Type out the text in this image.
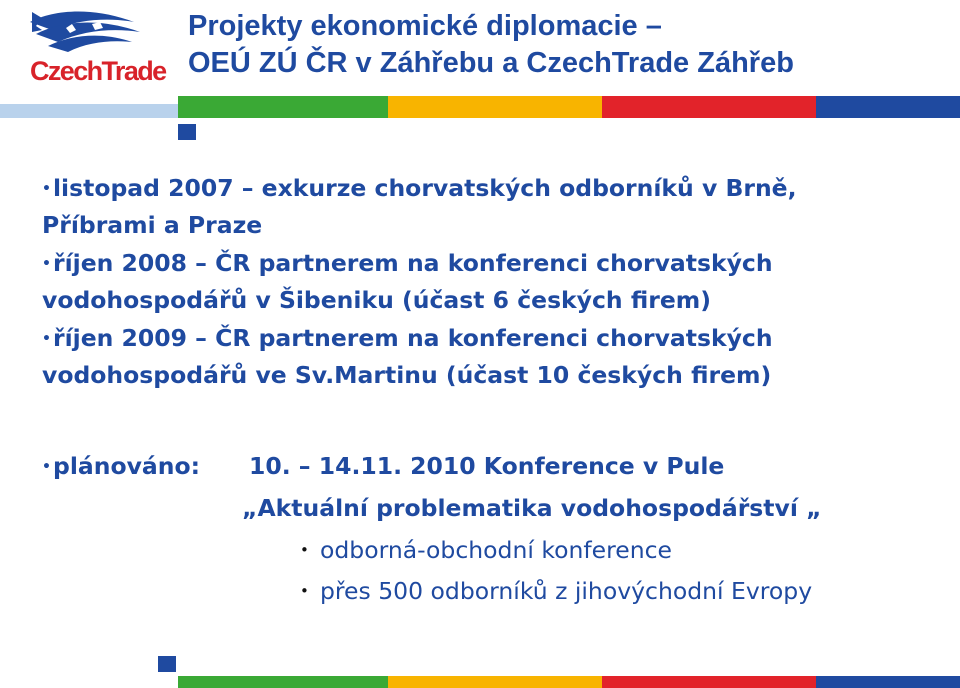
CzechTrade
Projekty ekonomické diplomacie –
OEÚ ZÚ ČR v Záhřebu a CzechTrade Záhřeb
•listopad 2007 – exkurze chorvatských odborníků v Brně,
Příbrami a Praze
•říjen 2008 – ČR partnerem na konferenci chorvatských
vodohospodářů v Šibeniku (účast 6 českých firem)
•říjen 2009 – ČR partnerem na konferenci chorvatských
vodohospodářů ve Sv.Martinu (účast 10 českých firem)
•plánováno: 10. – 14.11. 2010 Konference v Pule
„Aktuální problematika vodohospodářství „
• odborná-obchodní konference
• přes 500 odborníků z jihovýchodní Evropy
